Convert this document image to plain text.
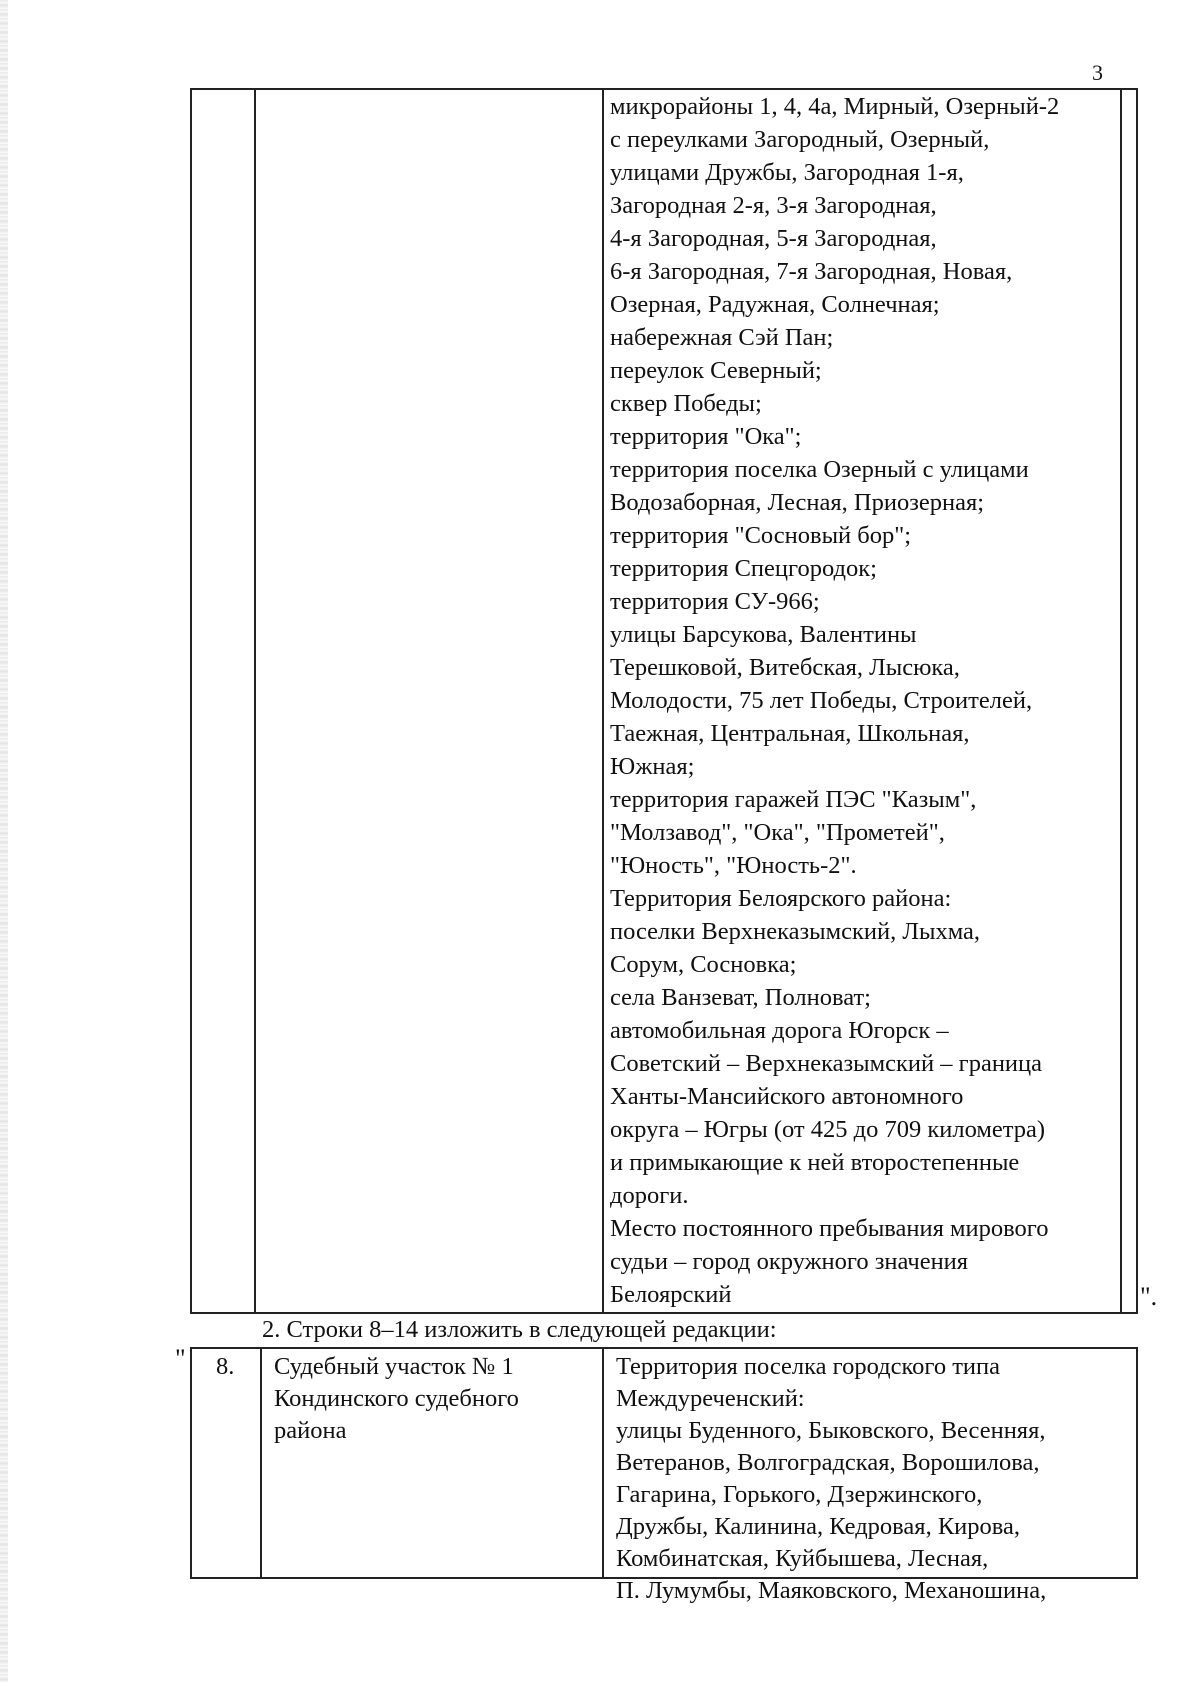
3
микрорайоны 1, 4, 4а, Мирный, Озерный-2
с переулками Загородный, Озерный,
улицами Дружбы, Загородная 1-я,
Загородная 2-я, 3-я Загородная,
4-я Загородная, 5-я Загородная,
6-я Загородная, 7-я Загородная, Новая,
Озерная, Радужная, Солнечная;
набережная Сэй Пан;
переулок Северный;
сквер Победы;
территория "Ока";
территория поселка Озерный с улицами
Водозаборная, Лесная, Приозерная;
территория "Сосновый бор";
территория Спецгородок;
территория СУ-966;
улицы Барсукова, Валентины
Терешковой, Витебская, Лысюка,
Молодости, 75 лет Победы, Строителей,
Таежная, Центральная, Школьная,
Южная;
территория гаражей ПЭС "Казым",
"Молзавод", "Ока", "Прометей",
"Юность", "Юность-2".
Территория Белоярского района:
поселки Верхнеказымский, Лыхма,
Сорум, Сосновка;
села Ванзеват, Полноват;
автомобильная дорога Югорск –
Советский – Верхнеказымский – граница
Ханты-Мансийского автономного
округа – Югры (от 425 до 709 километра)
и примыкающие к ней второстепенные
дороги.
Место постоянного пребывания мирового
судьи – город окружного значения
Белоярский	".
2. Строки 8–14 изложить в следующей редакции:
" 8. Судебный участок № 1
Кондинского судебного
района
Территория поселка городского типа
Междуреченский:
улицы Буденного, Быковского, Весенняя,
Ветеранов, Волгоградская, Ворошилова,
Гагарина, Горького, Дзержинского,
Дружбы, Калинина, Кедровая, Кирова,
Комбинатская, Куйбышева, Лесная,
П. Лумумбы, Маяковского, Механошина,
